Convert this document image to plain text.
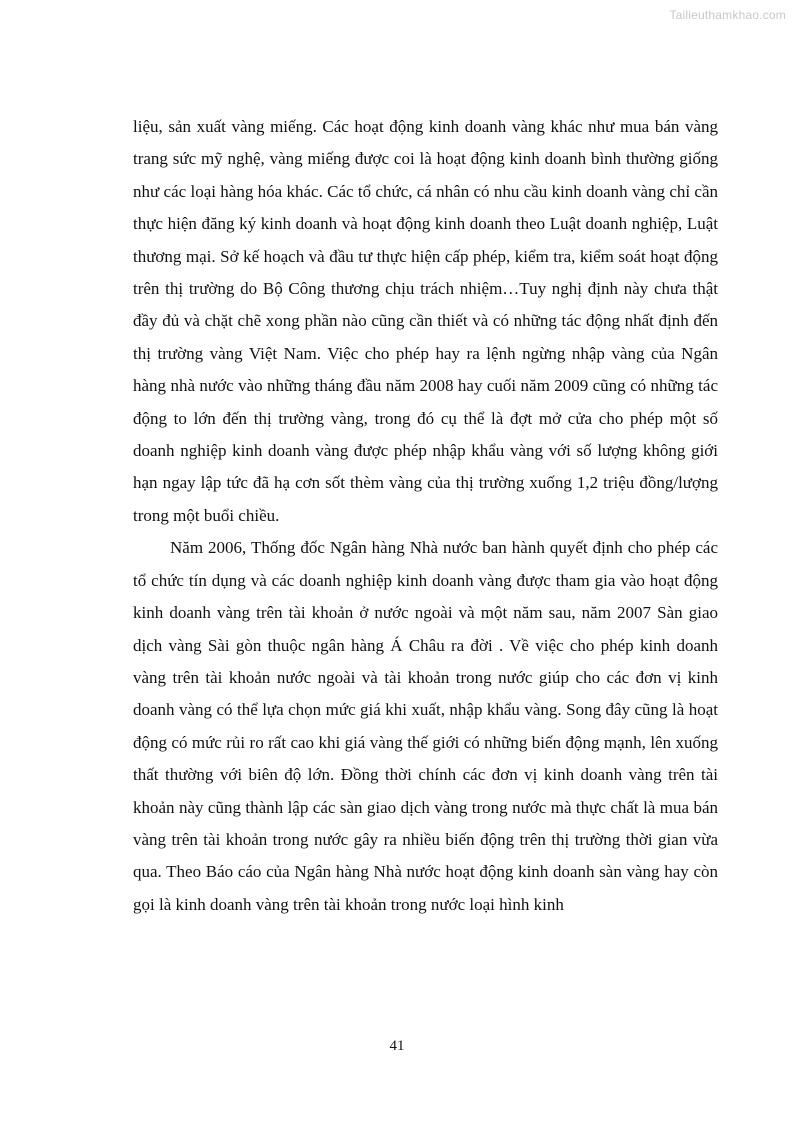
Tailieuthamkhao.com

liệu, sản xuất vàng miếng. Các hoạt động kinh doanh vàng khác như mua bán vàng trang sức mỹ nghệ, vàng miếng được coi là hoạt động kinh doanh bình thường giống như các loại hàng hóa khác. Các tổ chức, cá nhân có nhu cầu kinh doanh vàng chỉ cần thực hiện đăng ký kinh doanh và hoạt động kinh doanh theo Luật doanh nghiệp, Luật thương mại. Sở kế hoạch và đầu tư thực hiện cấp phép, kiểm tra, kiểm soát hoạt động trên thị trường do Bộ Công thương chịu trách nhiệm…Tuy nghị định này chưa thật đầy đủ và chặt chẽ xong phần nào cũng cần thiết và có những tác động nhất định đến thị trường vàng Việt Nam. Việc cho phép hay ra lệnh ngừng nhập vàng của Ngân hàng nhà nước vào những tháng đầu năm 2008 hay cuối năm 2009 cũng có những tác động to lớn đến thị trường vàng, trong đó cụ thể là đợt mở cửa cho phép một số doanh nghiệp kinh doanh vàng được phép nhập khẩu vàng với số lượng không giới hạn ngay lập tức đã hạ cơn sốt thèm vàng của thị trường xuống 1,2 triệu đồng/lượng trong một buổi chiều.

Năm 2006, Thống đốc Ngân hàng Nhà nước ban hành quyết định cho phép các tổ chức tín dụng và các doanh nghiệp kinh doanh vàng được tham gia vào hoạt động kinh doanh vàng trên tài khoản ở nước ngoài và một năm sau, năm 2007 Sàn giao dịch vàng Sài gòn thuộc ngân hàng Á Châu ra đời . Về việc cho phép kinh doanh vàng trên tài khoản nước ngoài và tài khoản trong nước giúp cho các đơn vị kinh doanh vàng có thể lựa chọn mức giá khi xuất, nhập khẩu vàng. Song đây cũng là hoạt động có mức rủi ro rất cao khi giá vàng thế giới có những biến động mạnh, lên xuống thất thường với biên độ lớn. Đồng thời chính các đơn vị kinh doanh vàng trên tài khoản này cũng thành lập các sàn giao dịch vàng trong nước mà thực chất là mua bán vàng trên tài khoản trong nước gây ra nhiều biến động trên thị trường thời gian vừa qua. Theo Báo cáo của Ngân hàng Nhà nước hoạt động kinh doanh sàn vàng hay còn gọi là kinh doanh vàng trên tài khoản trong nước loại hình kinh

41
